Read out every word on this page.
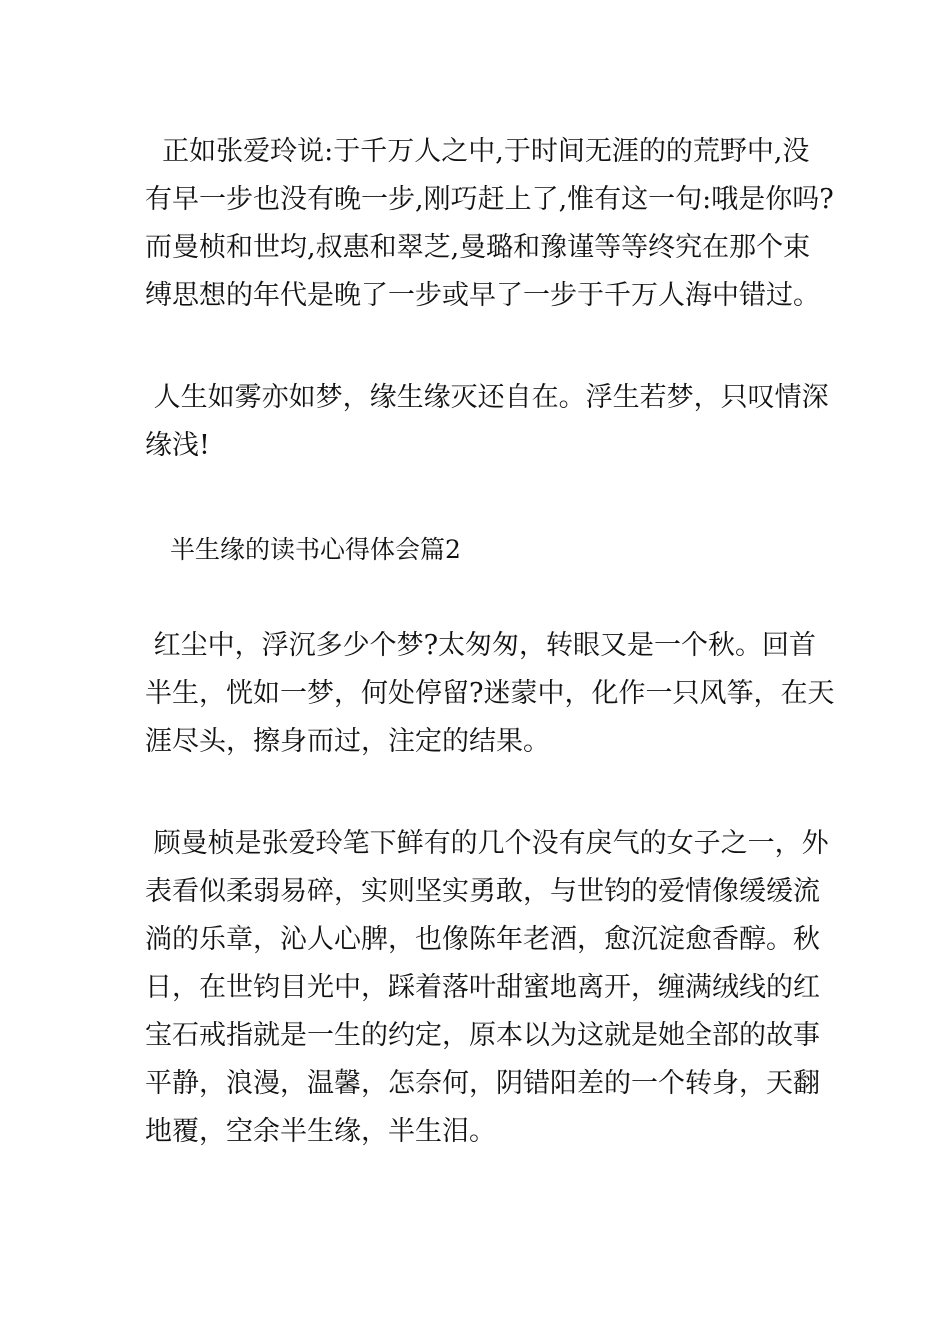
正如张爱玲说:于千万人之中,于时间无涯的的荒野中,没
有早一步也没有晚一步,刚巧赶上了,惟有这一句:哦是你吗?
而曼桢和世均,叔惠和翠芝,曼璐和豫谨等等终究在那个束
缚思想的年代是晚了一步或早了一步于千万人海中错过。

人生如雾亦如梦，缘生缘灭还自在。浮生若梦，只叹情深
缘浅!

半生缘的读书心得体会篇2

红尘中，浮沉多少个梦?太匆匆，转眼又是一个秋。回首
半生，恍如一梦，何处停留?迷蒙中，化作一只风筝，在天
涯尽头，擦身而过，注定的结果。

顾曼桢是张爱玲笔下鲜有的几个没有戾气的女子之一，外
表看似柔弱易碎，实则坚实勇敢，与世钧的爱情像缓缓流
淌的乐章，沁人心脾，也像陈年老酒，愈沉淀愈香醇。秋
日，在世钧目光中，踩着落叶甜蜜地离开，缠满绒线的红
宝石戒指就是一生的约定，原本以为这就是她全部的故事
平静，浪漫，温馨，怎奈何，阴错阳差的一个转身，天翻
地覆，空余半生缘，半生泪。
